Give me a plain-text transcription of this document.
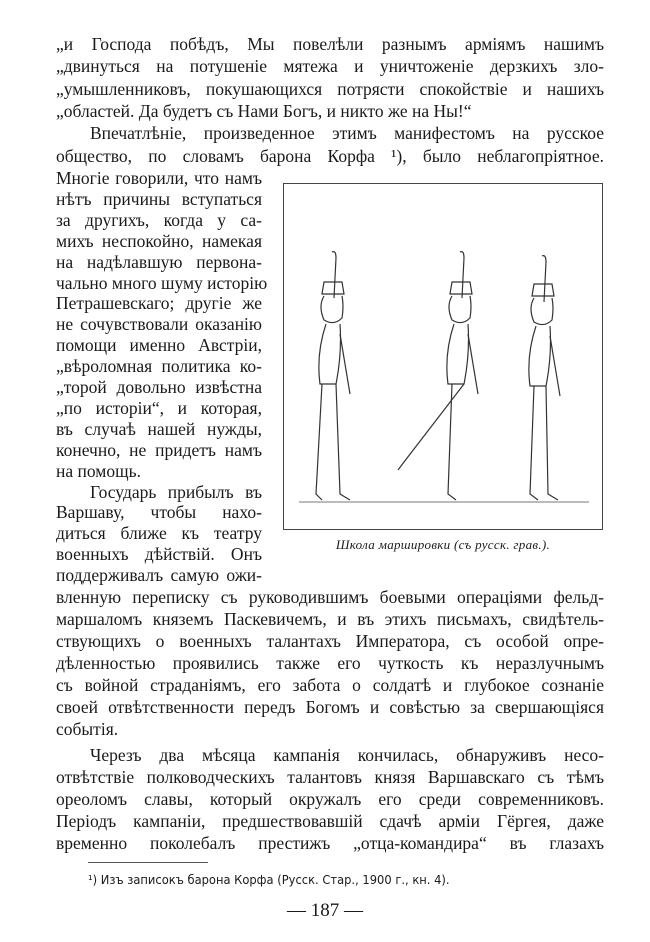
„и Господа побѣдъ, Мы повелѣли разнымъ арміямъ нашимъ
„двинуться на потушеніе мятежа и уничтоженіе дерзкихъ зло-
„умышленниковъ, покушающихся потрясти спокойствіе и нашихъ
„областей. Да будетъ съ Нами Богъ, и никто же на Ны!“
Впечатлѣніе, произведенное этимъ манифестомъ на русское
общество, по словамъ барона Корфа ¹), было неблагопріятное.
Многіе говорили, что намъ
нѣтъ причины вступаться
за другихъ, когда у са-
михъ неспокойно, намекая
на надѣлавшую первона-
чально много шуму исторію
Петрашевскаго; другіе же
не сочувствовали оказанію
помощи именно Австріи,
„вѣроломная политика ко-
„торой довольно извѣстна
„по исторіи“, и которая,
въ случаѣ нашей нужды,
конечно, не придетъ намъ
на помощь.
Государь прибылъ въ
Варшаву, чтобы нахо-
диться ближе къ театру
военныхъ дѣйствій. Онъ
поддерживалъ самую ожи-
вленную переписку съ руководившимъ боевыми операціями фельд-
маршаломъ княземъ Паскевичемъ, и въ этихъ письмахъ, свидѣтель-
ствующихъ о военныхъ талантахъ Императора, съ особой опре-
дѣленностью проявились также его чуткость къ неразлучнымъ
съ войной страданіямъ, его забота о солдатѣ и глубокое сознаніе
своей отвѣтственности передъ Богомъ и совѣстью за свершающіяся
событія.
Черезъ два мѣсяца кампанія кончилась, обнаруживъ несо-
отвѣтствіе полководческихъ талантовъ князя Варшавскаго съ тѣмъ
ореоломъ славы, который окружалъ его среди современниковъ.
Періодъ кампаніи, предшествовавшій сдачѣ арміи Гёргея, даже
временно поколебалъ престижъ „отца-командира“ въ глазахъ
Школа маршировки (съ русск. грав.).
¹) Изъ записокъ барона Корфа (Русск. Стар., 1900 г., кн. 4).
— 187 —
